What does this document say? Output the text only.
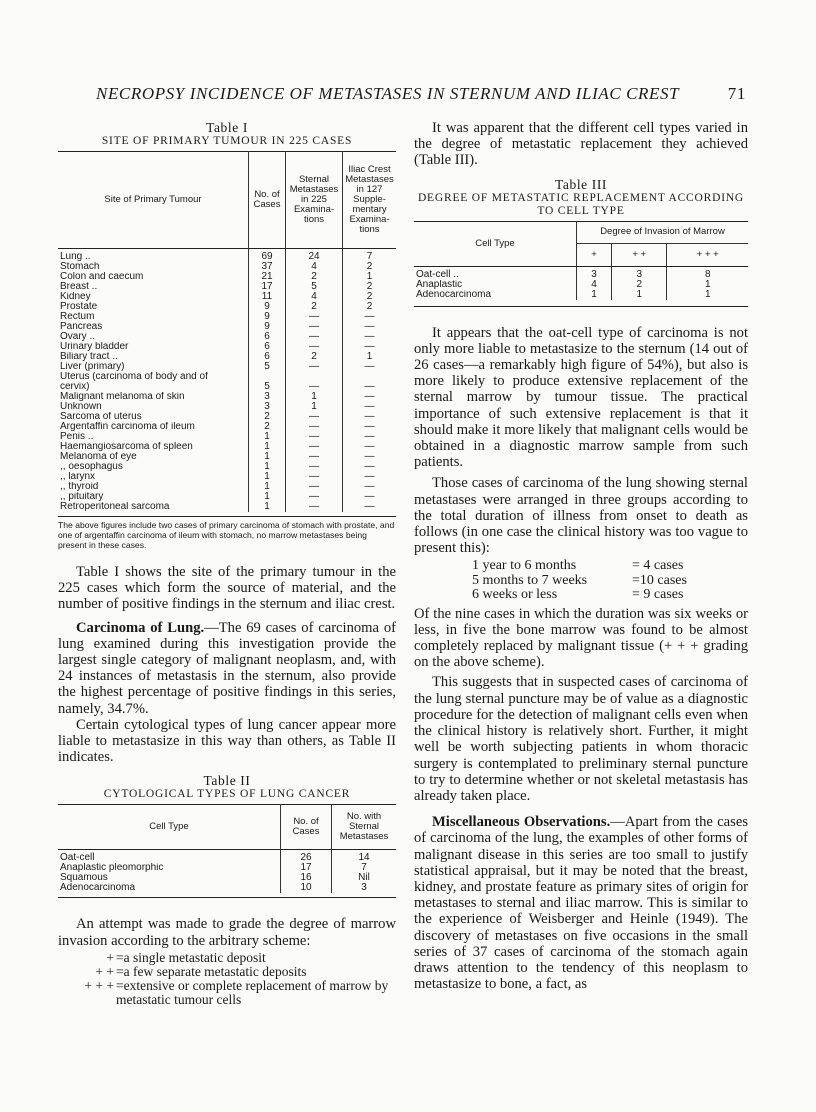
NECROPSY INCIDENCE OF METASTASES IN STERNUM AND ILIAC CREST	71
Table I
SITE OF PRIMARY TUMOUR IN 225 CASES
Site of Primary Tumour	No. of Cases	Sternal Metastases in 225 Examina-tions	Iliac Crest Metastases in 127 Supple-mentary Examina-tions
Lung ..	69	24	7
Stomach	37	4	2
Colon and caecum	21	2	1
Breast ..	17	5	2
Kidney	11	4	2
Prostate	9	2	2
Rectum	9	—	—
Pancreas	9	—	—
Ovary ..	6	—	—
Urinary bladder	6	—	—
Biliary tract ..	6	2	1
Liver (primary)	5	—	—
Uterus (carcinoma of body and of			
cervix)	5	—	—
Malignant melanoma of skin	3	1	—
Unknown	3	1	—
Sarcoma of uterus	2	—	—
Argentaffin carcinoma of ileum	2	—	—
Penis ..	1	—	—
Haemangiosarcoma of spleen	1	—	—
Melanoma of eye	1	—	—
,, oesophagus	1	—	—
,, larynx	1	—	—
,, thyroid	1	—	—
,, pituitary	1	—	—
Retroperitoneal sarcoma	1	—	—
The above figures include two cases of primary carcinoma of stomach with prostate, and one of argentaffin carcinoma of ileum with stomach, no marrow metastases being present in these cases.

Table I shows the site of the primary tumour in the 225 cases which form the source of material, and the number of positive findings in the sternum and iliac crest.

Carcinoma of Lung.—The 69 cases of carcinoma of lung examined during this investigation provide the largest single category of malignant neoplasm, and, with 24 instances of metastasis in the sternum, also provide the highest percentage of positive findings in this series, namely, 34.7%.

Certain cytological types of lung cancer appear more liable to metastasize in this way than others, as Table II indicates.

Table II
CYTOLOGICAL TYPES OF LUNG CANCER
Cell Type	No. of Cases	No. with Sternal Metastases
Oat-cell	26	14
Anaplastic pleomorphic	17	7
Squamous	16	Nil
Adenocarcinoma	10	3

An attempt was made to grade the degree of marrow invasion according to the arbitrary scheme:

+ =a single metastatic deposit
+ + =a few separate metastatic deposits
+ + + =extensive or complete replacement of marrow by metastatic tumour cells

It was apparent that the different cell types varied in the degree of metastatic replacement they achieved (Table III).

Table III
DEGREE OF METASTATIC REPLACEMENT ACCORDING TO CELL TYPE
Cell Type	Degree of Invasion of Marrow		
	+	+ +	+ + +
Oat-cell ..	3	3	8
Anaplastic	4	2	1
Adenocarcinoma	1	1	1

It appears that the oat-cell type of carcinoma is not only more liable to metastasize to the sternum (14 out of 26 cases—a remarkably high figure of 54%), but also is more likely to produce extensive replacement of the sternal marrow by tumour tissue. The practical importance of such extensive replacement is that it should make it more likely that malignant cells would be obtained in a diagnostic marrow sample from such patients.

Those cases of carcinoma of the lung showing sternal metastases were arranged in three groups according to the total duration of illness from onset to death as follows (in one case the clinical history was too vague to present this):

1 year to 6 months	= 4 cases
5 months to 7 weeks	=10 cases
6 weeks or less	= 9 cases

Of the nine cases in which the duration was six weeks or less, in five the bone marrow was found to be almost completely replaced by malignant tissue (+ + + grading on the above scheme).

This suggests that in suspected cases of carcinoma of the lung sternal puncture may be of value as a diagnostic procedure for the detection of malignant cells even when the clinical history is relatively short. Further, it might well be worth subjecting patients in whom thoracic surgery is contemplated to preliminary sternal puncture to try to determine whether or not skeletal metastasis has already taken place.

Miscellaneous Observations.—Apart from the cases of carcinoma of the lung, the examples of other forms of malignant disease in this series are too small to justify statistical appraisal, but it may be noted that the breast, kidney, and prostate feature as primary sites of origin for metastases to sternal and iliac marrow. This is similar to the experience of Weisberger and Heinle (1949). The discovery of metastases on five occasions in the small series of 37 cases of carcinoma of the stomach again draws attention to the tendency of this neoplasm to metastasize to bone, a fact, as
